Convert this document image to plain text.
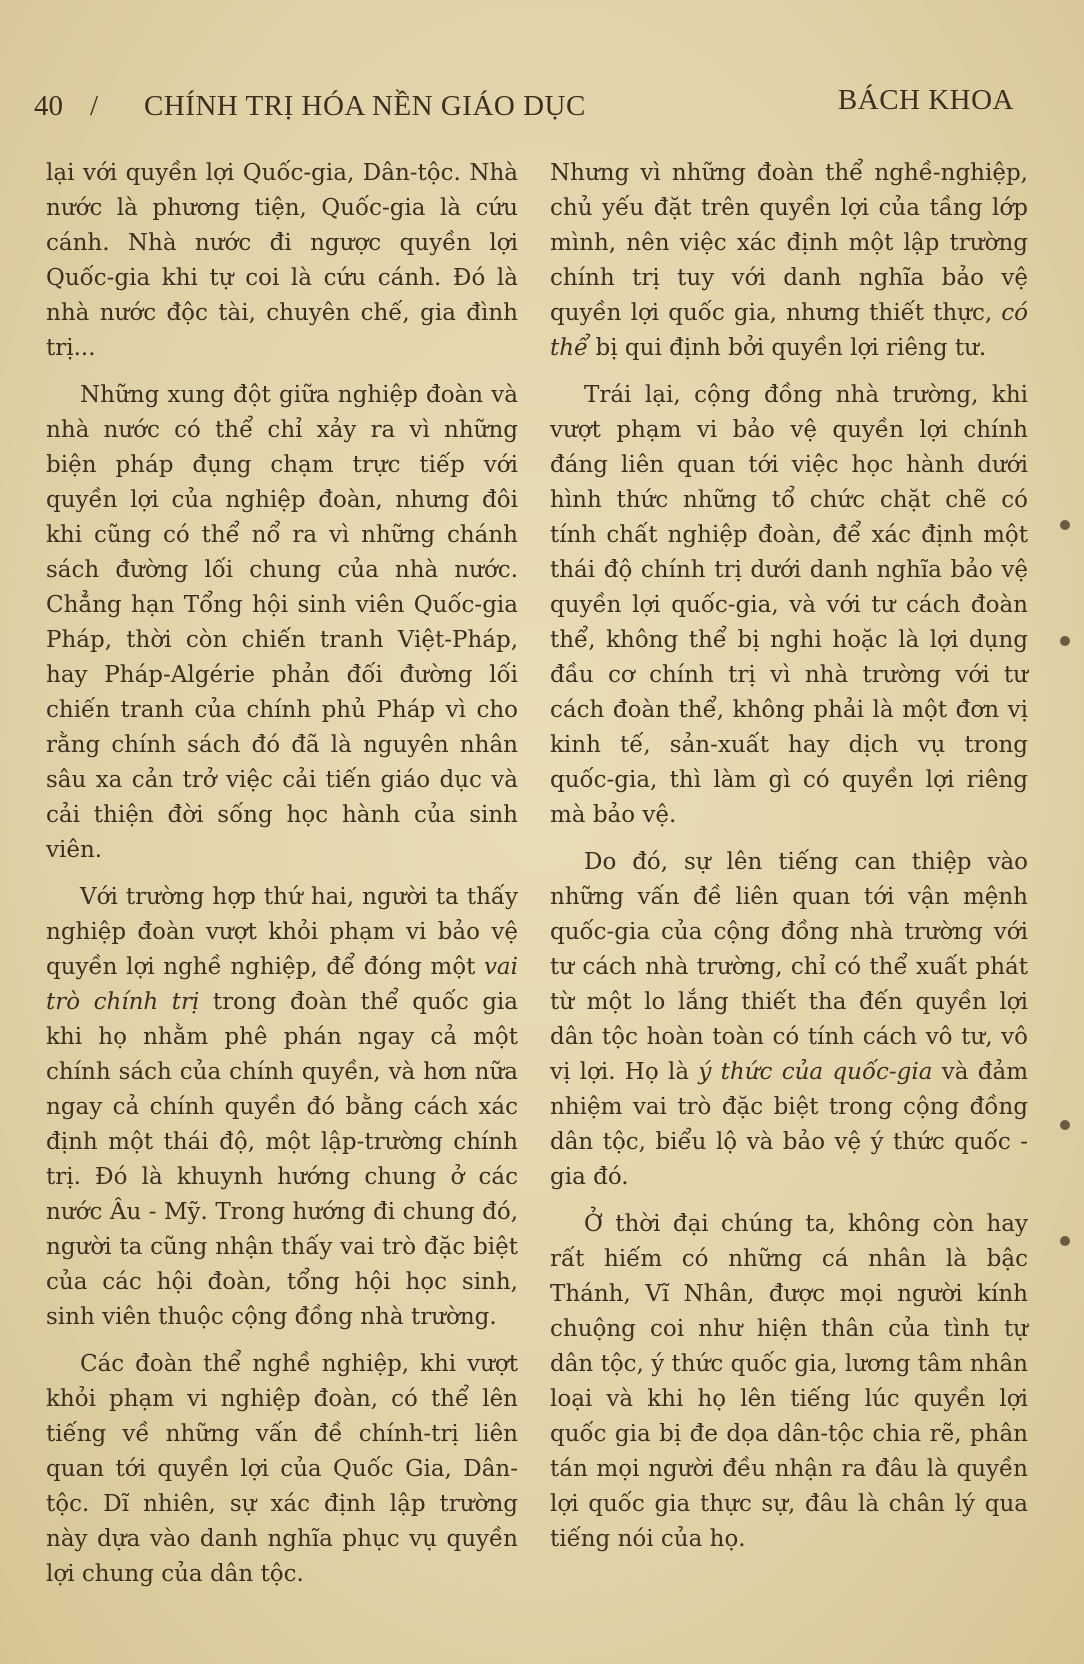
40 / CHÍNH TRỊ HÓA NỀN GIÁO DỤC	BÁCH KHOA

lại với quyền lợi Quốc-gia, Dân-tộc. Nhà nước là phương tiện, Quốc-gia là cứu cánh. Nhà nước đi ngược quyền lợi Quốc-gia khi tự coi là cứu cánh. Đó là nhà nước độc tài, chuyên chế, gia đình trị...

Những xung đột giữa nghiệp đoàn và nhà nước có thể chỉ xảy ra vì những biện pháp đụng chạm trực tiếp với quyền lợi của nghiệp đoàn, nhưng đôi khi cũng có thể nổ ra vì những chánh sách đường lối chung của nhà nước. Chẳng hạn Tổng hội sinh viên Quốc-gia Pháp, thời còn chiến tranh Việt-Pháp, hay Pháp-Algérie phản đối đường lối chiến tranh của chính phủ Pháp vì cho rằng chính sách đó đã là nguyên nhân sâu xa cản trở việc cải tiến giáo dục và cải thiện đời sống học hành của sinh viên.

Với trường hợp thứ hai, người ta thấy nghiệp đoàn vượt khỏi phạm vi bảo vệ quyền lợi nghề nghiệp, để đóng một vai trò chính trị trong đoàn thể quốc gia khi họ nhằm phê phán ngay cả một chính sách của chính quyền, và hơn nữa ngay cả chính quyền đó bằng cách xác định một thái độ, một lập-trường chính trị. Đó là khuynh hướng chung ở các nước Âu - Mỹ. Trong hướng đi chung đó, người ta cũng nhận thấy vai trò đặc biệt của các hội đoàn, tổng hội học sinh, sinh viên thuộc cộng đồng nhà trường.

Các đoàn thể nghề nghiệp, khi vượt khỏi phạm vi nghiệp đoàn, có thể lên tiếng về những vấn đề chính-trị liên quan tới quyền lợi của Quốc Gia, Dân-tộc. Dĩ nhiên, sự xác định lập trường này dựa vào danh nghĩa phục vụ quyền lợi chung của dân tộc.

Nhưng vì những đoàn thể nghề-nghiệp, chủ yếu đặt trên quyền lợi của tầng lớp mình, nên việc xác định một lập trường chính trị tuy với danh nghĩa bảo vệ quyền lợi quốc gia, nhưng thiết thực, có thể bị qui định bởi quyền lợi riêng tư.

Trái lại, cộng đồng nhà trường, khi vượt phạm vi bảo vệ quyền lợi chính đáng liên quan tới việc học hành dưới hình thức những tổ chức chặt chẽ có tính chất nghiệp đoàn, để xác định một thái độ chính trị dưới danh nghĩa bảo vệ quyền lợi quốc-gia, và với tư cách đoàn thể, không thể bị nghi hoặc là lợi dụng đầu cơ chính trị vì nhà trường với tư cách đoàn thể, không phải là một đơn vị kinh tế, sản-xuất hay dịch vụ trong quốc-gia, thì làm gì có quyền lợi riêng mà bảo vệ.

Do đó, sự lên tiếng can thiệp vào những vấn đề liên quan tới vận mệnh quốc-gia của cộng đồng nhà trường với tư cách nhà trường, chỉ có thể xuất phát từ một lo lắng thiết tha đến quyền lợi dân tộc hoàn toàn có tính cách vô tư, vô vị lợi. Họ là ý thức của quốc-gia và đảm nhiệm vai trò đặc biệt trong cộng đồng dân tộc, biểu lộ và bảo vệ ý thức quốc - gia đó.

Ở thời đại chúng ta, không còn hay rất hiếm có những cá nhân là bậc Thánh, Vĩ Nhân, được mọi người kính chuộng coi như hiện thân của tình tự dân tộc, ý thức quốc gia, lương tâm nhân loại và khi họ lên tiếng lúc quyền lợi quốc gia bị đe dọa dân-tộc chia rẽ, phân tán mọi người đều nhận ra đâu là quyền lợi quốc gia thực sự, đâu là chân lý qua tiếng nói của họ.
